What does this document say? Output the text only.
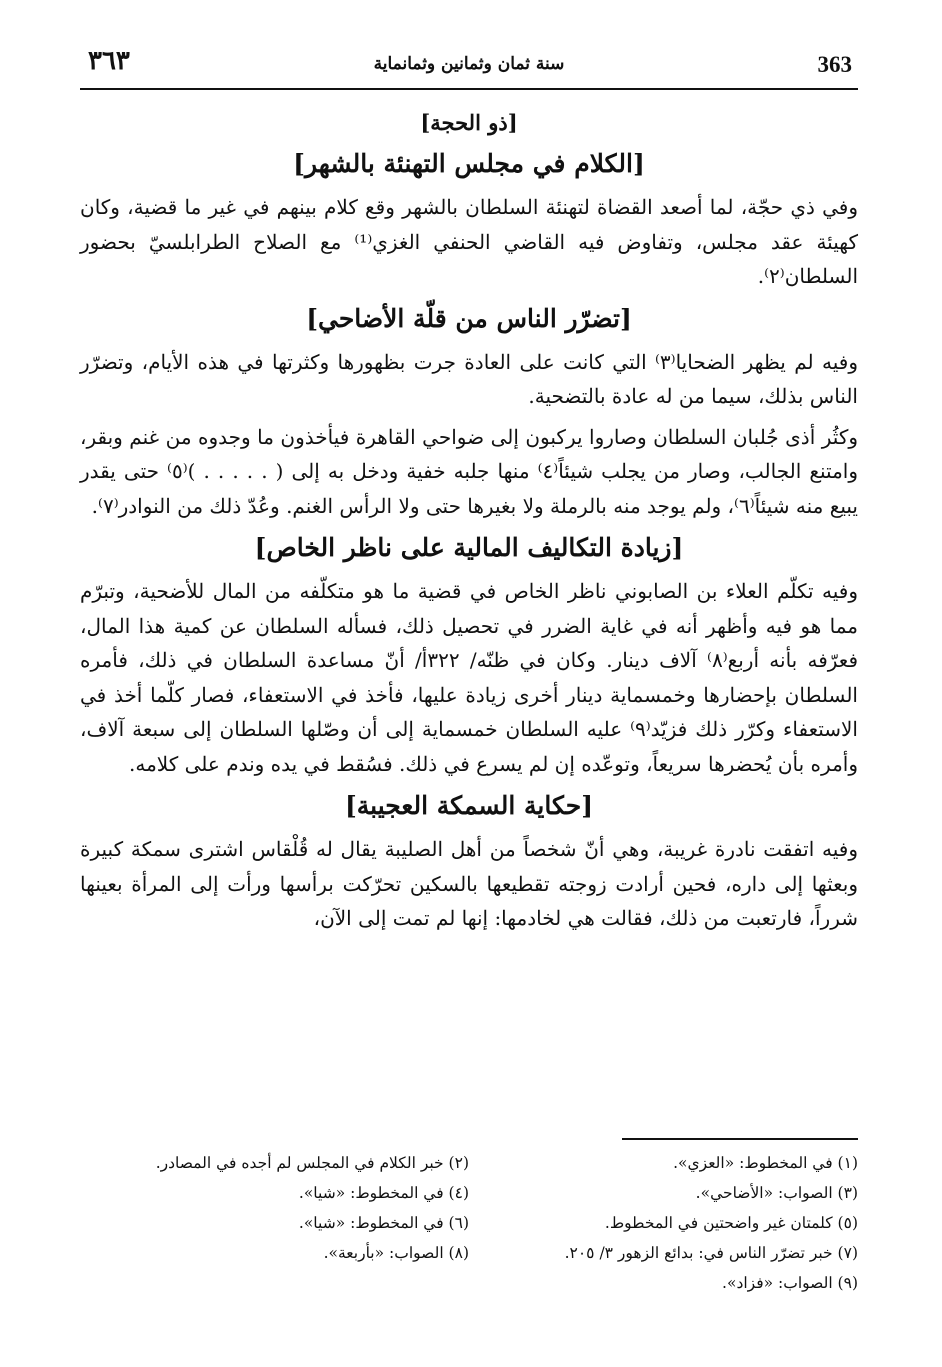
٣٦٣	سنة ثمان وثمانين وثمانماية	363
[ذو الحجة]
[الكلام في مجلس التهنئة بالشهر]

وفي ذي حجّة، لما أصعد القضاة لتهنئة السلطان بالشهر وقع كلام بينهم في غير ما قضية، وكان كهيئة عقد مجلس، وتفاوض فيه القاضي الحنفي الغزي⁽¹⁾ مع الصلاح الطرابلسيّ بحضور السلطان⁽٢⁾.

[تضرّر الناس من قلّة الأضاحي]

وفيه لم يظهر الضحايا⁽٣⁾ التي كانت على العادة جرت بظهورها وكثرتها في هذه الأيام، وتضرّر الناس بذلك، سيما من له عادة بالتضحية.

وكثُر أذى جُلبان السلطان وصاروا يركبون إلى ضواحي القاهرة فيأخذون ما وجدوه من غنم وبقر، وامتنع الجالب، وصار من يجلب شيئاً⁽٤⁾ منها جلبه خفية ودخل به إلى ( . . . . . )⁽٥⁾ حتى يقدر يبيع منه شيئاً⁽٦⁾، ولم يوجد منه بالرملة ولا بغيرها حتى ولا الرأس الغنم. وعُدّ ذلك من النوادر⁽٧⁾.

[زيادة التكاليف المالية على ناظر الخاص]

وفيه تكلّم العلاء بن الصابوني ناظر الخاص في قضية ما هو متكلّفه من المال للأضحية، وتبرّم مما هو فيه وأظهر أنه في غاية الضرر في تحصيل ذلك، فسأله السلطان عن كمية هذا المال، فعرّفه بأنه أربع⁽٨⁾ آلاف دينار. وكان في ظنّه/ ٣٢٢أ/ أنّ مساعدة السلطان في ذلك، فأمره السلطان بإحضارها وخمسماية دينار أخرى زيادة عليها، فأخذ في الاستعفاء، فصار كلّما أخذ في الاستعفاء وكرّر ذلك فزيّد⁽٩⁾ عليه السلطان خمسماية إلى أن وصّلها السلطان إلى سبعة آلاف، وأمره بأن يُحضرها سريعاً، وتوعّده إن لم يسرع في ذلك. فسُقط في يده وندم على كلامه.

[حكاية السمكة العجيبة]

وفيه اتفقت نادرة غريبة، وهي أنّ شخصاً من أهل الصليبة يقال له قُلْقاس اشترى سمكة كبيرة وبعثها إلى داره، فحين أرادت زوجته تقطيعها بالسكين تحرّكت برأسها ورأت إلى المرأة بعينها شرراً، فارتعبت من ذلك، فقالت هي لخادمها: إنها لم تمت إلى الآن،

(١) في المخطوط: «العزي».
(٢) خبر الكلام في المجلس لم أجده في المصادر.
(٣) الصواب: «الأضاحي».
(٤) في المخطوط: «شيا».
(٥) كلمتان غير واضحتين في المخطوط.
(٦) في المخطوط: «شيا».
(٧) خبر تضرّر الناس في: بدائع الزهور ٣/ ٢٠٥.
(٨) الصواب: «بأربعة».
(٩) الصواب: «فزاد».
